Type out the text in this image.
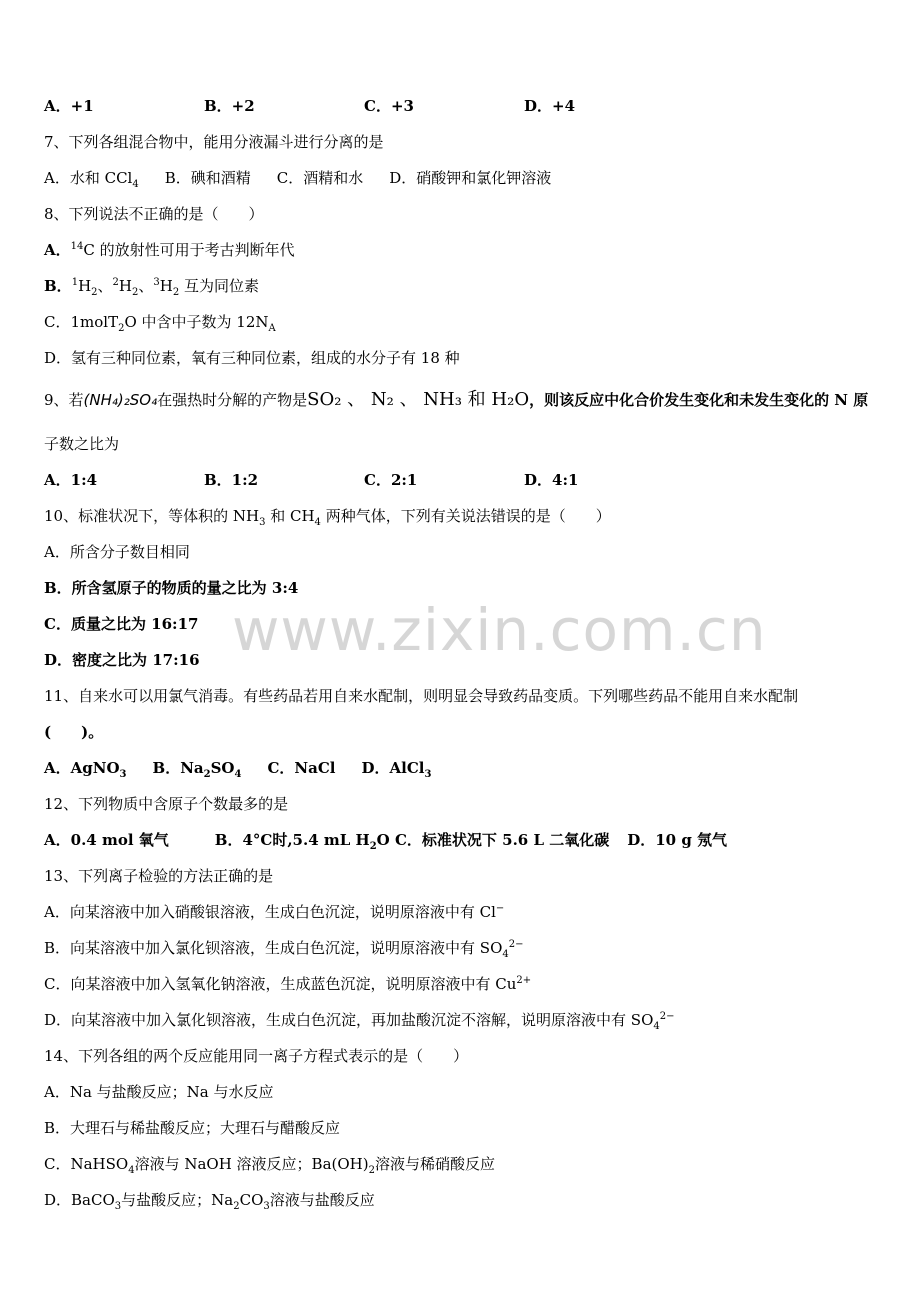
www.zixin.com.cn
A．+1	B．+2	C．+3	D．+4
7、下列各组混合物中，能用分液漏斗进行分离的是
A．水和 CCl$_4$ B．碘和酒精 C．酒精和水 D．硝酸钾和氯化钾溶液
8、下列说法不正确的是（　　）
A．$^{14}$C 的放射性可用于考古判断年代
B．$^1H_2$、$^2H_2$、$^3H_2$ 互为同位素
C．1molT$_2$O 中含中子数为 $12N_A$
D．氢有三种同位素，氧有三种同位素，组成的水分子有 18 种
9、若(NH₄)₂SO₄在强热时分解的产物是SO₂ 、 N₂ 、 NH₃ 和 H₂O，则该反应中化合价发生变化和未发生变化的 N 原
子数之比为
A．1:4	B．1:2	C．2:1	D．4:1
10、标准状况下，等体积的 $NH_3$ 和 $CH_4$ 两种气体，下列有关说法错误的是（　　）
A．所含分子数目相同
B．所含氢原子的物质的量之比为 3:4
C．质量之比为 16:17
D．密度之比为 17:16
11、自来水可以用氯气消毒。有些药品若用自来水配制，则明显会导致药品变质。下列哪些药品不能用自来水配制
(　　)。
A．AgNO$_3$ B．$Na_2SO_4$ C．NaCl D．AlCl$_3$
12、下列物质中含原子个数最多的是
A．0.4 mol 氧气	B．4°C时,5.4 mL $H_2O$ C．标准状况下 5.6 L 二氧化碳 D．10 g 氖气
13、下列离子检验的方法正确的是
A．向某溶液中加入硝酸银溶液，生成白色沉淀，说明原溶液中有 Cl−
B．向某溶液中加入氯化钡溶液，生成白色沉淀，说明原溶液中有 $SO_4^{2-}$
C．向某溶液中加入氢氧化钠溶液，生成蓝色沉淀，说明原溶液中有 $Cu^{2+}$
D．向某溶液中加入氯化钡溶液，生成白色沉淀，再加盐酸沉淀不溶解，说明原溶液中有 $SO_4^{2-}$
14、下列各组的两个反应能用同一离子方程式表示的是（　　）
A．Na 与盐酸反应；Na 与水反应
B．大理石与稀盐酸反应；大理石与醋酸反应
C．NaHSO$_4$溶液与 NaOH 溶液反应；$Ba(OH)_2$溶液与稀硝酸反应
D．BaCO$_3$与盐酸反应；$Na_2CO_3$溶液与盐酸反应
